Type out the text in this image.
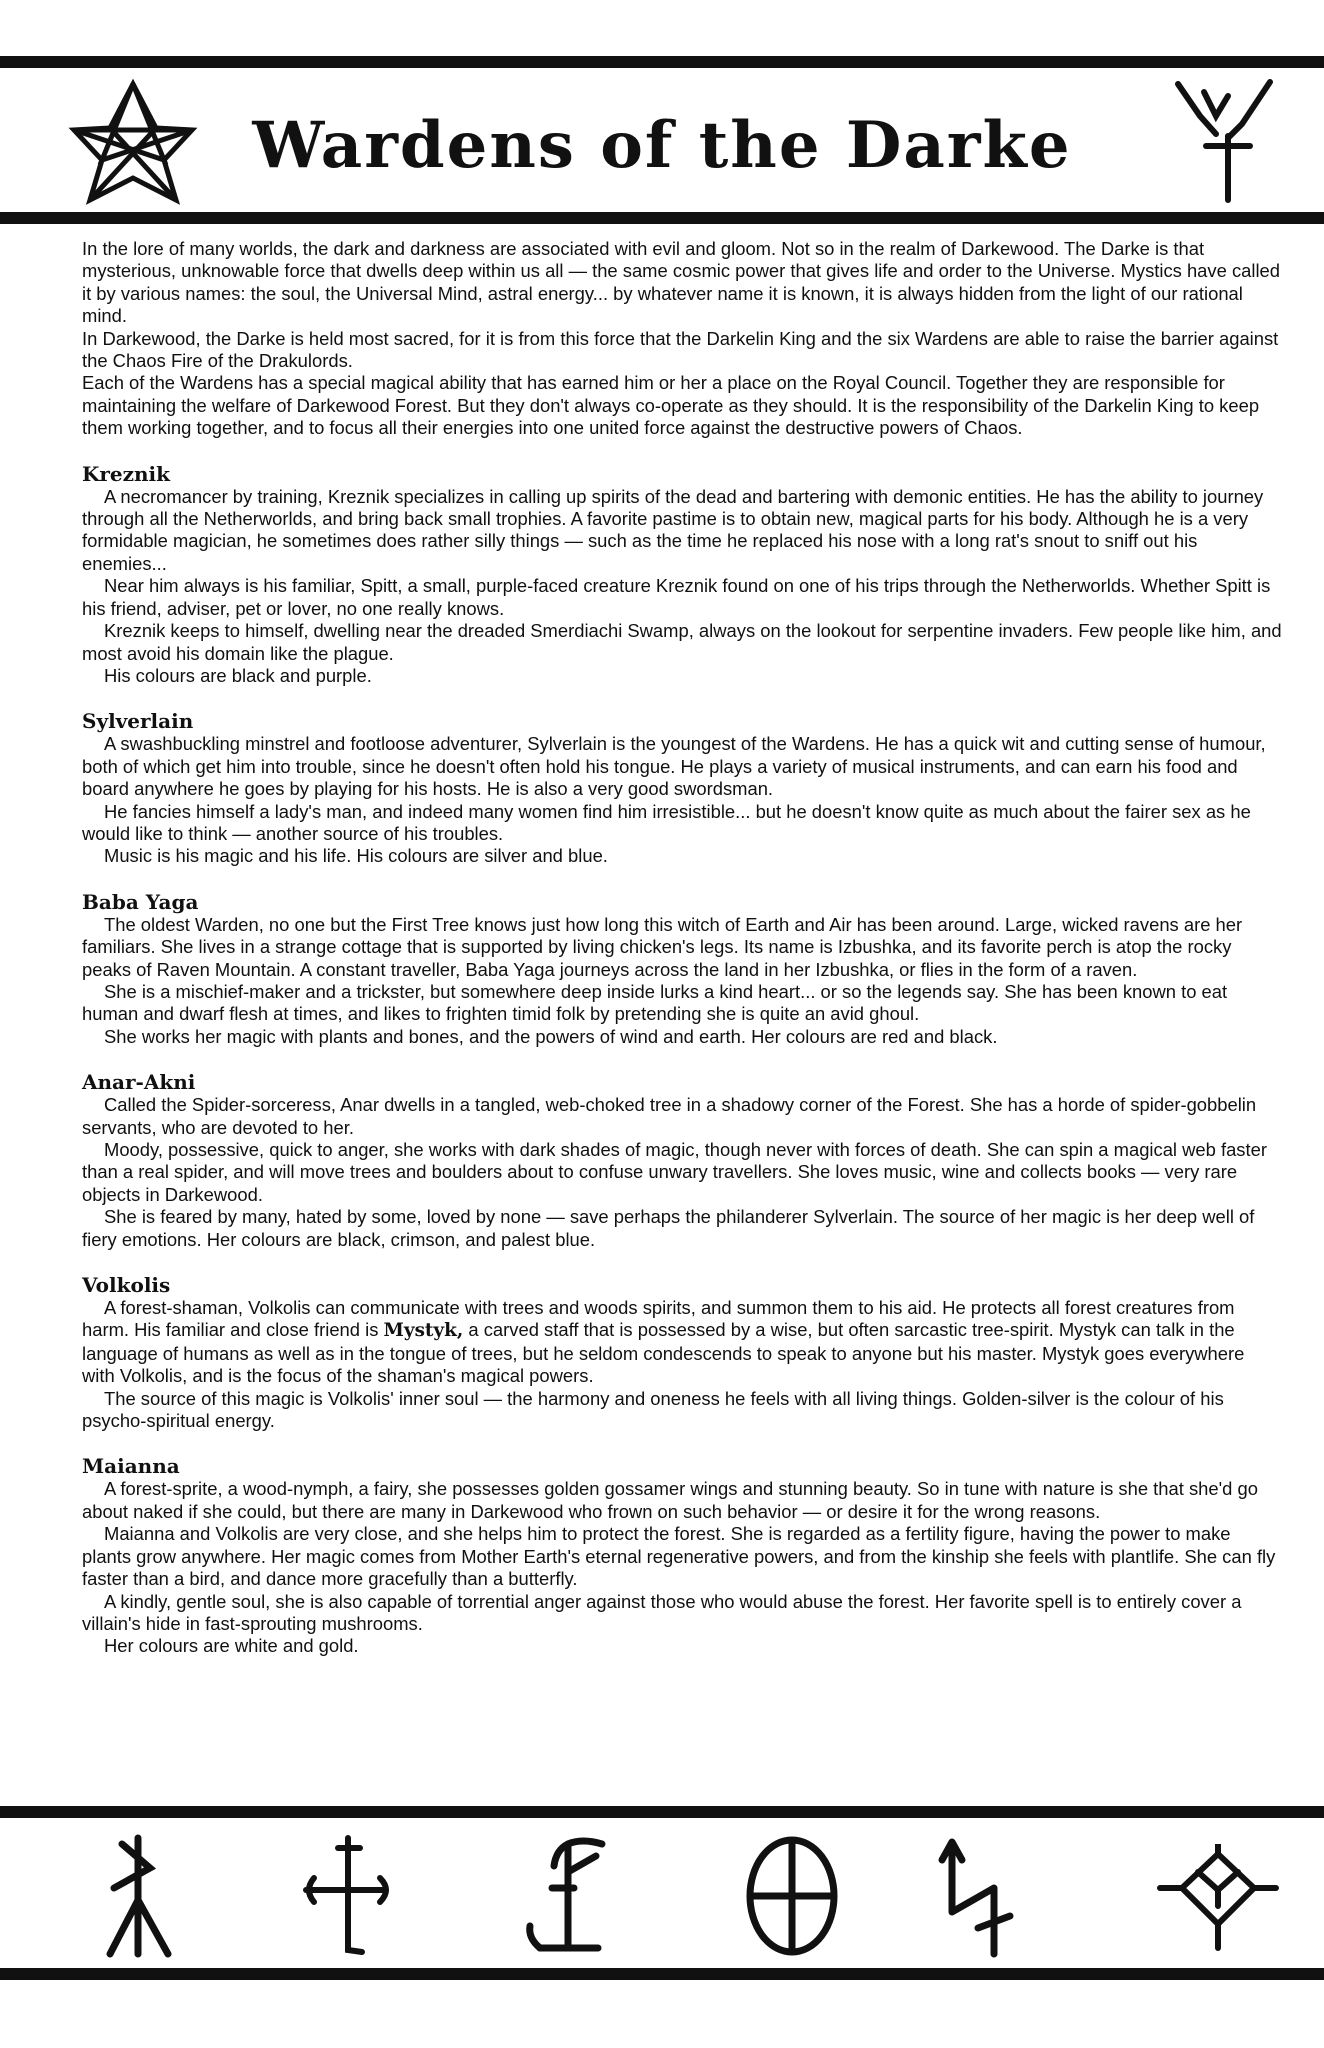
Wardens of the Darke

In the lore of many worlds, the dark and darkness are associated with evil and gloom. Not so in the realm of Darkewood. The Darke is that mysterious, unknowable force that dwells deep within us all — the same cosmic power that gives life and order to the Universe. Mystics have called it by various names: the soul, the Universal Mind, astral energy... by whatever name it is known, it is always hidden from the light of our rational mind.

In Darkewood, the Darke is held most sacred, for it is from this force that the Darkelin King and the six Wardens are able to raise the barrier against the Chaos Fire of the Drakulords.

Each of the Wardens has a special magical ability that has earned him or her a place on the Royal Council. Together they are responsible for maintaining the welfare of Darkewood Forest. But they don't always co-operate as they should. It is the responsibility of the Darkelin King to keep them working together, and to focus all their energies into one united force against the destructive powers of Chaos.

Kreznik

A necromancer by training, Kreznik specializes in calling up spirits of the dead and bartering with demonic entities. He has the ability to journey through all the Netherworlds, and bring back small trophies. A favorite pastime is to obtain new, magical parts for his body. Although he is a very formidable magician, he sometimes does rather silly things — such as the time he replaced his nose with a long rat's snout to sniff out his enemies...

Near him always is his familiar, Spitt, a small, purple-faced creature Kreznik found on one of his trips through the Netherworlds. Whether Spitt is his friend, adviser, pet or lover, no one really knows.

Kreznik keeps to himself, dwelling near the dreaded Smerdiachi Swamp, always on the lookout for serpentine invaders. Few people like him, and most avoid his domain like the plague.

His colours are black and purple.

Sylverlain

A swashbuckling minstrel and footloose adventurer, Sylverlain is the youngest of the Wardens. He has a quick wit and cutting sense of humour, both of which get him into trouble, since he doesn't often hold his tongue. He plays a variety of musical instruments, and can earn his food and board anywhere he goes by playing for his hosts. He is also a very good swordsman.

He fancies himself a lady's man, and indeed many women find him irresistible... but he doesn't know quite as much about the fairer sex as he would like to think — another source of his troubles.

Music is his magic and his life. His colours are silver and blue.

Baba Yaga

The oldest Warden, no one but the First Tree knows just how long this witch of Earth and Air has been around. Large, wicked ravens are her familiars. She lives in a strange cottage that is supported by living chicken's legs. Its name is Izbushka, and its favorite perch is atop the rocky peaks of Raven Mountain. A constant traveller, Baba Yaga journeys across the land in her Izbushka, or flies in the form of a raven.

She is a mischief-maker and a trickster, but somewhere deep inside lurks a kind heart... or so the legends say. She has been known to eat human and dwarf flesh at times, and likes to frighten timid folk by pretending she is quite an avid ghoul.

She works her magic with plants and bones, and the powers of wind and earth. Her colours are red and black.

Anar-Akni

Called the Spider-sorceress, Anar dwells in a tangled, web-choked tree in a shadowy corner of the Forest. She has a horde of spider-gobbelin servants, who are devoted to her.

Moody, possessive, quick to anger, she works with dark shades of magic, though never with forces of death. She can spin a magical web faster than a real spider, and will move trees and boulders about to confuse unwary travellers. She loves music, wine and collects books — very rare objects in Darkewood.

She is feared by many, hated by some, loved by none — save perhaps the philanderer Sylverlain. The source of her magic is her deep well of fiery emotions. Her colours are black, crimson, and palest blue.

Volkolis

A forest-shaman, Volkolis can communicate with trees and woods spirits, and summon them to his aid. He protects all forest creatures from harm. His familiar and close friend is Mystyk, a carved staff that is possessed by a wise, but often sarcastic tree-spirit. Mystyk can talk in the language of humans as well as in the tongue of trees, but he seldom condescends to speak to anyone but his master. Mystyk goes everywhere with Volkolis, and is the focus of the shaman's magical powers.

The source of this magic is Volkolis' inner soul — the harmony and oneness he feels with all living things. Golden-silver is the colour of his psycho-spiritual energy.

Maianna

A forest-sprite, a wood-nymph, a fairy, she possesses golden gossamer wings and stunning beauty. So in tune with nature is she that she'd go about naked if she could, but there are many in Darkewood who frown on such behavior — or desire it for the wrong reasons.

Maianna and Volkolis are very close, and she helps him to protect the forest. She is regarded as a fertility figure, having the power to make plants grow anywhere. Her magic comes from Mother Earth's eternal regenerative powers, and from the kinship she feels with plantlife. She can fly faster than a bird, and dance more gracefully than a butterfly.

A kindly, gentle soul, she is also capable of torrential anger against those who would abuse the forest. Her favorite spell is to entirely cover a villain's hide in fast-sprouting mushrooms.

Her colours are white and gold.
